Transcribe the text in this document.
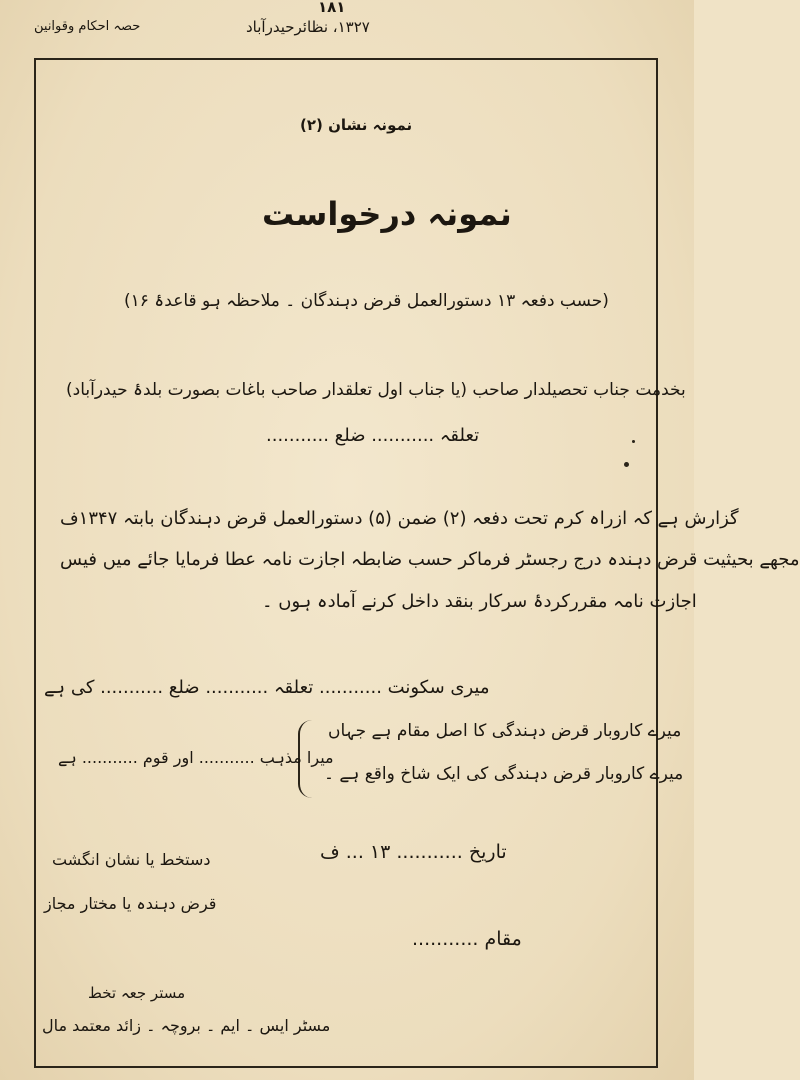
۱۸۱
۱۳۲۷، نظائرحیدرآباد
حصہ احکام وقوانین
نمونہ نشان (۲)
نمونہ درخواست
(حسب دفعہ ۱۳ دستورالعمل قرض دہندگان ۔ ملاحظہ ہو قاعدۂ ۱۶)
بخدمت جناب تحصیلدار صاحب (یا جناب اول تعلقدار صاحب باغات بصورت بلدۂ حیدرآباد)
تعلقہ ........... ضلع ...........
گزارش ہے کہ ازراہ کرم تحت دفعہ (۲) ضمن (۵) دستورالعمل قرض دہندگان بابتہ ۱۳۴۷ف
مجھے بحیثیت قرض دہندہ درج رجسٹر فرماکر حسب ضابطہ اجازت نامہ عطا فرمایا جائے میں فیس
اجازت نامہ مقررکردۂ سرکار بنقد داخل کرنے آمادہ ہوں ۔
میری سکونت ........... تعلقہ ........... ضلع ........... کی ہے
میرے کاروبار قرض دہندگی کا اصل مقام ہے جہاں
میرے کاروبار قرض دہندگی کی ایک شاخ واقع ہے ۔
میرا مذہب ........... اور قوم ........... ہے
تاریخ ........... ۱۳ ... ف
دستخط یا نشان انگشت
قرض دہندہ یا مختار مجاز
مقام ...........
مستر جعہ تخط
مسٹر ایس ۔ ایم ۔ بروچہ ۔ زائد معتمد مال
